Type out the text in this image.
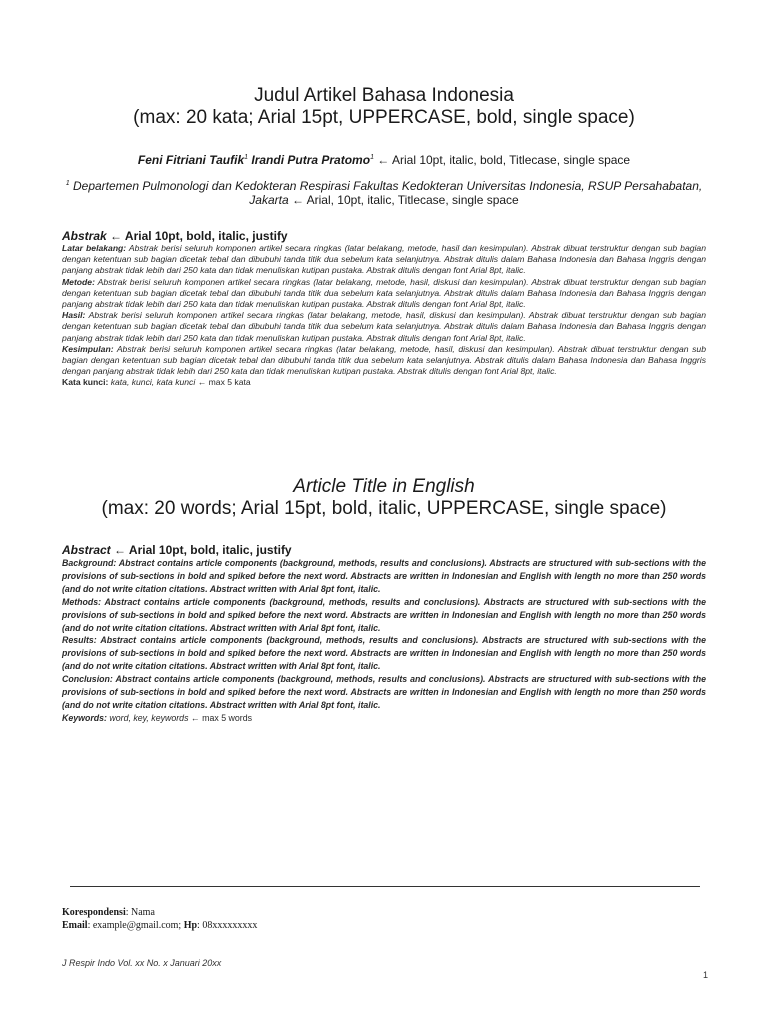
Judul Artikel Bahasa Indonesia
(max: 20 kata; Arial 15pt, UPPERCASE, bold, single space)
Feni Fitriani Taufik$^1$ Irandi Putra Pratomo$^1$ ← Arial 10pt, italic, bold, Titlecase, single space
$^1$ Departemen Pulmonologi dan Kedokteran Respirasi Fakultas Kedokteran Universitas Indonesia, RSUP Persahabatan, Jakarta ← Arial, 10pt, italic, Titlecase, single space
Abstrak ← Arial 10pt, bold, italic, justify

Latar belakang: Abstrak berisi seluruh komponen artikel secara ringkas (latar belakang, metode, hasil dan kesimpulan). Abstrak dibuat terstruktur dengan sub bagian dengan ketentuan sub bagian dicetak tebal dan dibubuhi tanda titik dua sebelum kata selanjutnya. Abstrak ditulis dalam Bahasa Indonesia dan Bahasa Inggris dengan panjang abstrak tidak lebih dari 250 kata dan tidak menuliskan kutipan pustaka. Abstrak ditulis dengan font Arial 8pt, italic.

Metode: Abstrak berisi seluruh komponen artikel secara ringkas (latar belakang, metode, hasil, diskusi dan kesimpulan). Abstrak dibuat terstruktur dengan sub bagian dengan ketentuan sub bagian dicetak tebal dan dibubuhi tanda titik dua sebelum kata selanjutnya. Abstrak ditulis dalam Bahasa Indonesia dan Bahasa Inggris dengan panjang abstrak tidak lebih dari 250 kata dan tidak menuliskan kutipan pustaka. Abstrak ditulis dengan font Arial 8pt, italic.

Hasil: Abstrak berisi seluruh komponen artikel secara ringkas (latar belakang, metode, hasil, diskusi dan kesimpulan). Abstrak dibuat terstruktur dengan sub bagian dengan ketentuan sub bagian dicetak tebal dan dibubuhi tanda titik dua sebelum kata selanjutnya. Abstrak ditulis dalam Bahasa Indonesia dan Bahasa Inggris dengan panjang abstrak tidak lebih dari 250 kata dan tidak menuliskan kutipan pustaka. Abstrak ditulis dengan font Arial 8pt, italic.

Kesimpulan: Abstrak berisi seluruh komponen artikel secara ringkas (latar belakang, metode, hasil, diskusi dan kesimpulan). Abstrak dibuat terstruktur dengan sub bagian dengan ketentuan sub bagian dicetak tebal dan dibubuhi tanda titik dua sebelum kata selanjutnya. Abstrak ditulis dalam Bahasa Indonesia dan Bahasa Inggris dengan panjang abstrak tidak lebih dari 250 kata dan tidak menuliskan kutipan pustaka. Abstrak ditulis dengan font Arial 8pt, italic.

Kata kunci: kata, kunci, kata kunci ← max 5 kata

Article Title in English
(max: 20 words; Arial 15pt, bold, italic, UPPERCASE, single space)
Abstract ← Arial 10pt, bold, italic, justify

Background: Abstract contains article components (background, methods, results and conclusions). Abstracts are structured with sub-sections with the provisions of sub-sections in bold and spiked before the next word. Abstracts are written in Indonesian and English with length no more than 250 words (and do not write citation citations. Abstract written with Arial 8pt font, italic.

Methods: Abstract contains article components (background, methods, results and conclusions). Abstracts are structured with sub-sections with the provisions of sub-sections in bold and spiked before the next word. Abstracts are written in Indonesian and English with length no more than 250 words (and do not write citation citations. Abstract written with Arial 8pt font, italic.

Results: Abstract contains article components (background, methods, results and conclusions). Abstracts are structured with sub-sections with the provisions of sub-sections in bold and spiked before the next word. Abstracts are written in Indonesian and English with length no more than 250 words (and do not write citation citations. Abstract written with Arial 8pt font, italic.

Conclusion: Abstract contains article components (background, methods, results and conclusions). Abstracts are structured with sub-sections with the provisions of sub-sections in bold and spiked before the next word. Abstracts are written in Indonesian and English with length no more than 250 words (and do not write citation citations. Abstract written with Arial 8pt font, italic.

Keywords: word, key, keywords ← max 5 words

Korespondensi: Nama
Email: example@gmail.com; Hp: 08xxxxxxxxx
J Respir Indo Vol. xx No. x Januari 20xx
1
